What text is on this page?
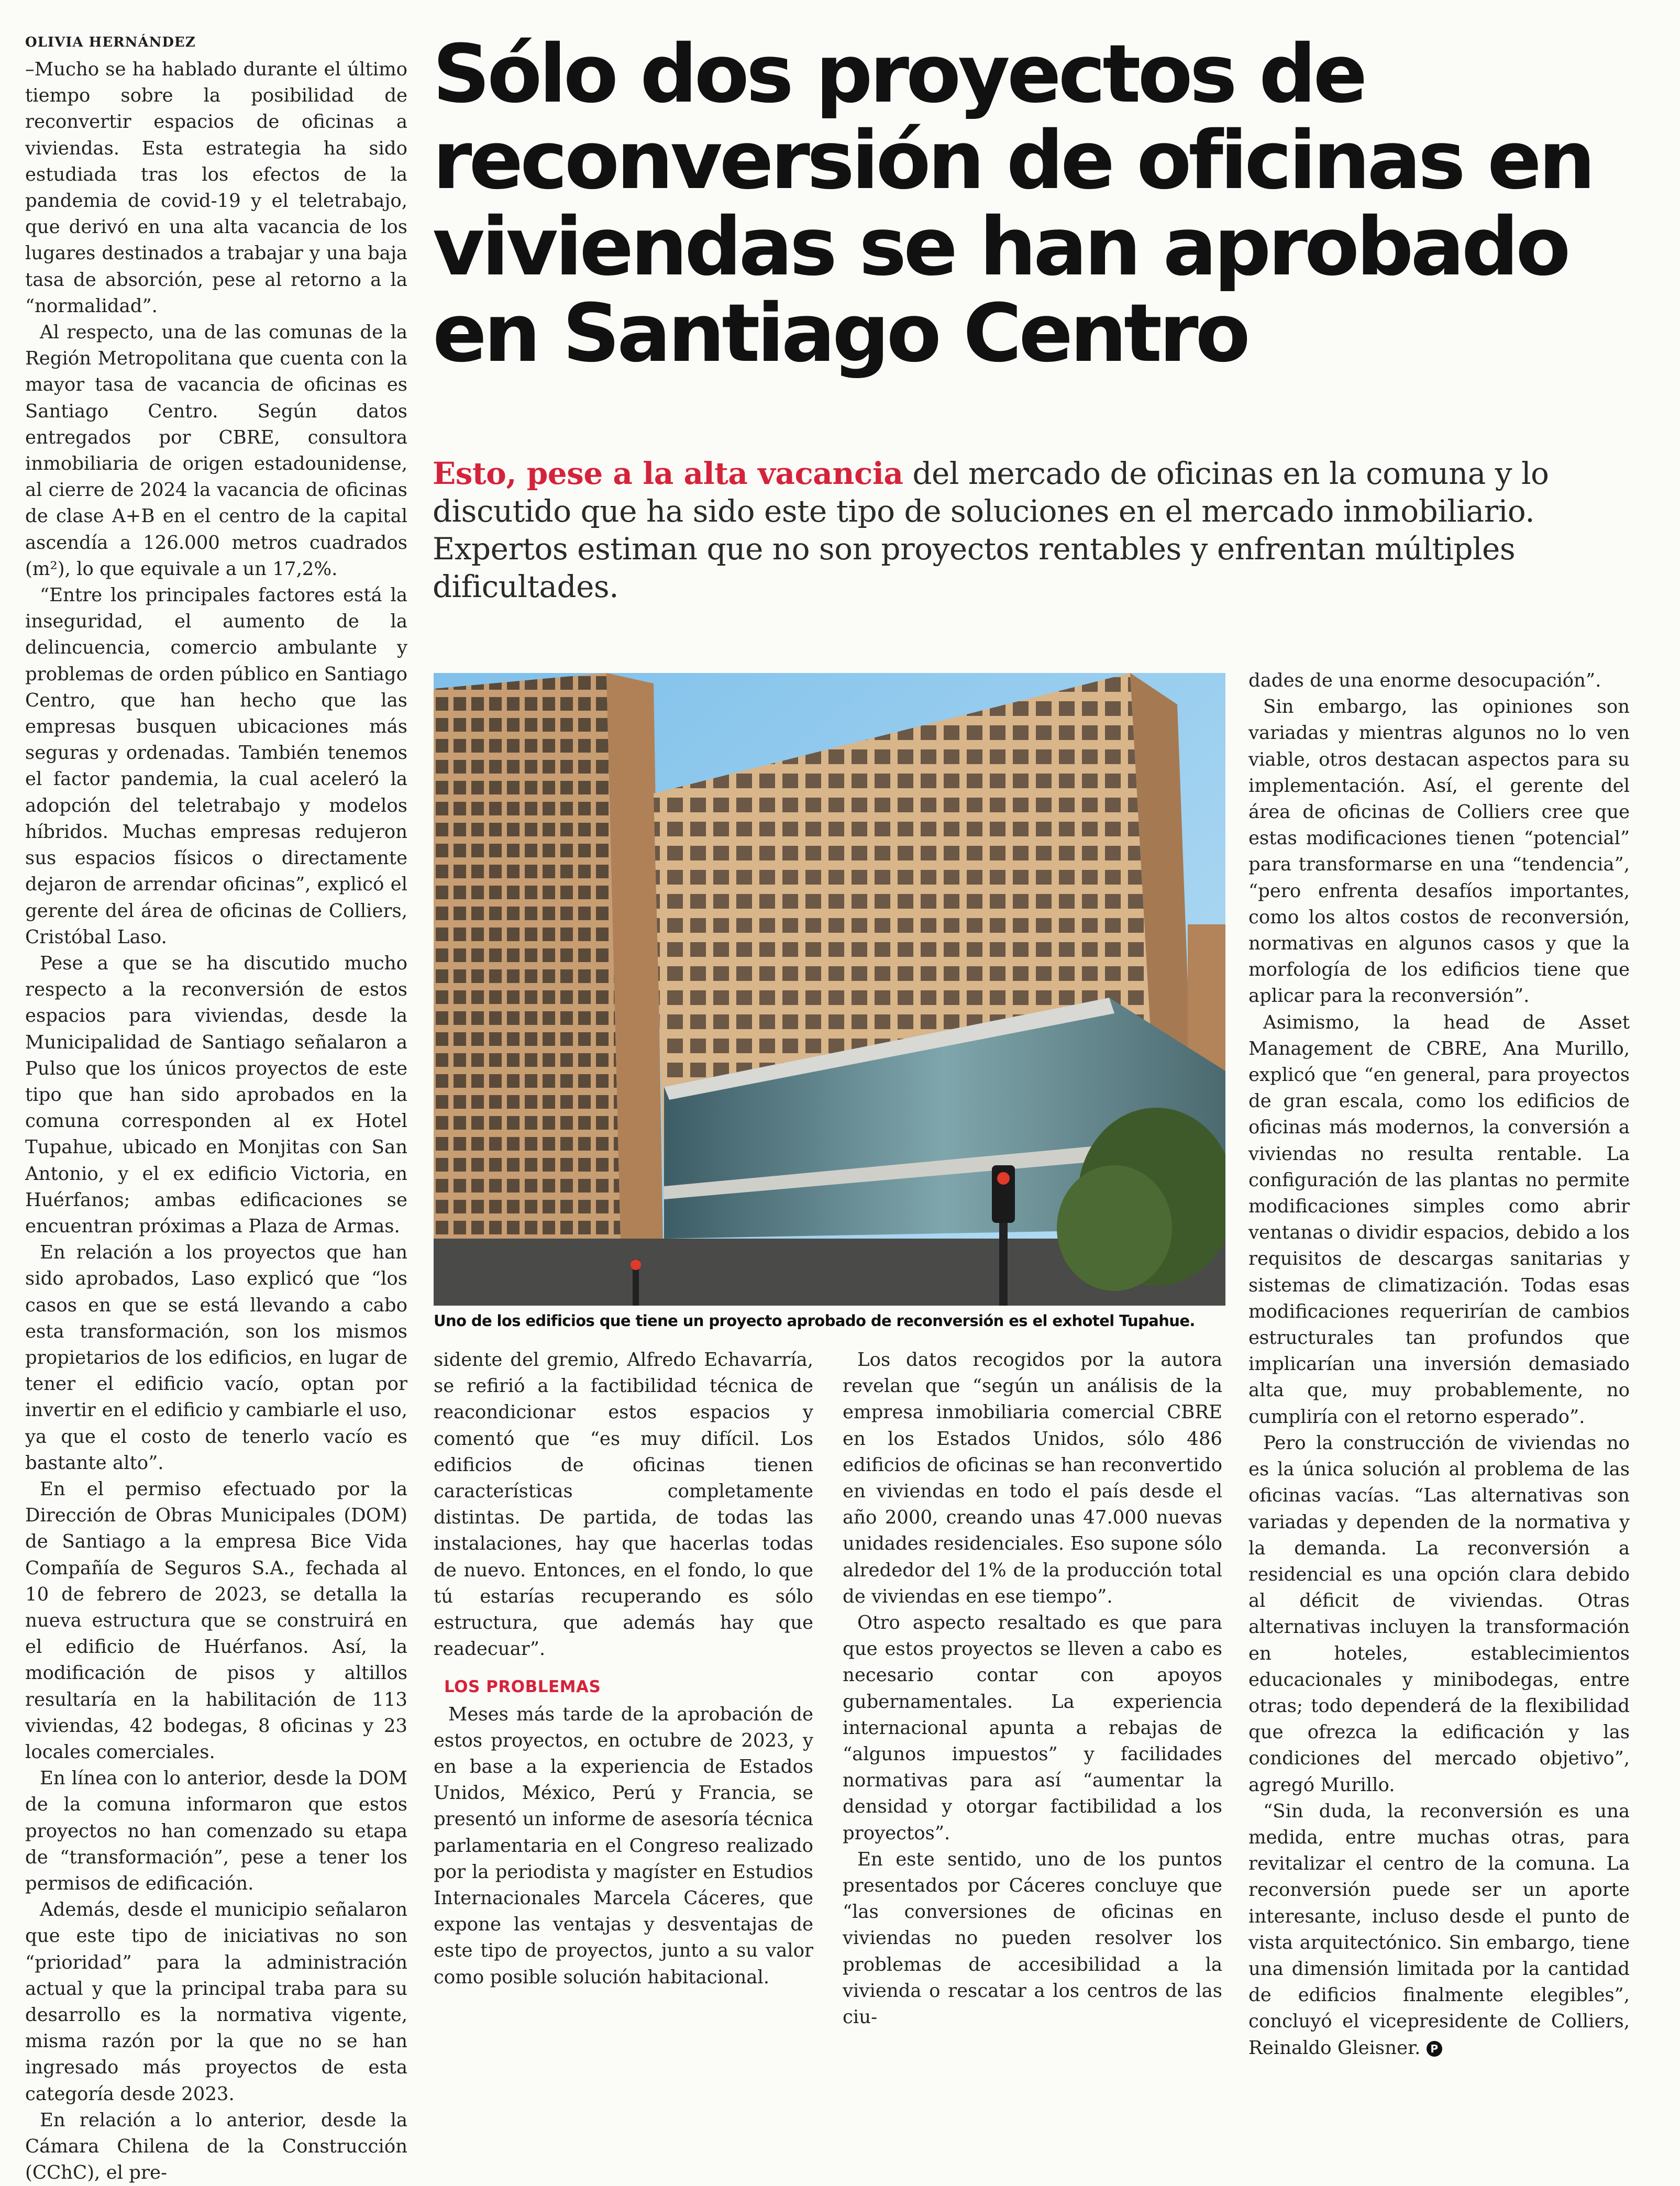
OLIVIA HERNÁNDEZ	Sólo dos proyectos de reconversión de oficinas en viviendas se han aprobado en Santiago Centro

Esto, pese a la alta vacancia del mercado de oficinas en la comuna y lo discutido que ha sido este tipo de soluciones en el mercado inmobiliario. Expertos estiman que no son proyectos rentables y enfrentan múltiples dificultades.

–Mucho se ha hablado durante el último tiempo sobre la posibilidad de reconvertir espacios de oficinas a viviendas. Esta estrategia ha sido estudiada tras los efectos de la pandemia de covid-19 y el teletrabajo, que derivó en una alta vacancia de los lugares destinados a trabajar y una baja tasa de absorción, pese al retorno a la “normalidad”.

Al respecto, una de las comunas de la Región Metropolitana que cuenta con la mayor tasa de vacancia de oficinas es Santiago Centro. Según datos entregados por CBRE, consultora inmobiliaria de origen estadounidense, al cierre de 2024 la vacancia de oficinas de clase A+B en el centro de la capital ascendía a 126.000 metros cuadrados (m²), lo que equivale a un 17,2%.

“Entre los principales factores está la inseguridad, el aumento de la delincuencia, comercio ambulante y problemas de orden público en Santiago Centro, que han hecho que las empresas busquen ubicaciones más seguras y ordenadas. También tenemos el factor pandemia, la cual aceleró la adopción del teletrabajo y modelos híbridos. Muchas empresas redujeron sus espacios físicos o directamente dejaron de arrendar oficinas”, explicó el gerente del área de oficinas de Colliers, Cristóbal Laso.

Pese a que se ha discutido mucho respecto a la reconversión de estos espacios para viviendas, desde la Municipalidad de Santiago señalaron a Pulso que los únicos proyectos de este tipo que han sido aprobados en la comuna corresponden al ex Hotel Tupahue, ubicado en Monjitas con San Antonio, y el ex edificio Victoria, en Huérfanos; ambas edificaciones se encuentran próximas a Plaza de Armas.

En relación a los proyectos que han sido aprobados, Laso explicó que “los casos en que se está llevando a cabo esta transformación, son los mismos propietarios de los edificios, en lugar de tener el edificio vacío, optan por invertir en el edificio y cambiarle el uso, ya que el costo de tenerlo vacío es bastante alto”.

En el permiso efectuado por la Dirección de Obras Municipales (DOM) de Santiago a la empresa Bice Vida Compañía de Seguros S.A., fechada al 10 de febrero de 2023, se detalla la nueva estructura que se construirá en el edificio de Huérfanos. Así, la modificación de pisos y altillos resultaría en la habilitación de 113 viviendas, 42 bodegas, 8 oficinas y 23 locales comerciales.

En línea con lo anterior, desde la DOM de la comuna informaron que estos proyectos no han comenzado su etapa de “transformación”, pese a tener los permisos de edificación.

Además, desde el municipio señalaron que este tipo de iniciativas no son “prioridad” para la administración actual y que la principal traba para su desarrollo es la normativa vigente, misma razón por la que no se han ingresado más proyectos de esta categoría desde 2023.

En relación a lo anterior, desde la Cámara Chilena de la Construcción (CChC), el pre-

Uno de los edificios que tiene un proyecto aprobado de reconversión es el exhotel Tupahue.

sidente del gremio, Alfredo Echavarría, se refirió a la factibilidad técnica de reacondicionar estos espacios y comentó que “es muy difícil. Los edificios de oficinas tienen características completamente distintas. De partida, de todas las instalaciones, hay que hacerlas todas de nuevo. Entonces, en el fondo, lo que tú estarías recuperando es sólo estructura, que además hay que readecuar”.

LOS PROBLEMAS

Meses más tarde de la aprobación de estos proyectos, en octubre de 2023, y en base a la experiencia de Estados Unidos, México, Perú y Francia, se presentó un informe de asesoría técnica parlamentaria en el Congreso realizado por la periodista y magíster en Estudios Internacionales Marcela Cáceres, que expone las ventajas y desventajas de este tipo de proyectos, junto a su valor como posible solución habitacional.

Los datos recogidos por la autora revelan que “según un análisis de la empresa inmobiliaria comercial CBRE en los Estados Unidos, sólo 486 edificios de oficinas se han reconvertido en viviendas en todo el país desde el año 2000, creando unas 47.000 nuevas unidades residenciales. Eso supone sólo alrededor del 1% de la producción total de viviendas en ese tiempo”.

Otro aspecto resaltado es que para que estos proyectos se lleven a cabo es necesario contar con apoyos gubernamentales. La experiencia internacional apunta a rebajas de “algunos impuestos” y facilidades normativas para así “aumentar la densidad y otorgar factibilidad a los proyectos”.

En este sentido, uno de los puntos presentados por Cáceres concluye que “las conversiones de oficinas en viviendas no pueden resolver los problemas de accesibilidad a la vivienda o rescatar a los centros de las ciu-

dades de una enorme desocupación”.

Sin embargo, las opiniones son variadas y mientras algunos no lo ven viable, otros destacan aspectos para su implementación. Así, el gerente del área de oficinas de Colliers cree que estas modificaciones tienen “potencial” para transformarse en una “tendencia”, “pero enfrenta desafíos importantes, como los altos costos de reconversión, normativas en algunos casos y que la morfología de los edificios tiene que aplicar para la reconversión”.

Asimismo, la head de Asset Management de CBRE, Ana Murillo, explicó que “en general, para proyectos de gran escala, como los edificios de oficinas más modernos, la conversión a viviendas no resulta rentable. La configuración de las plantas no permite modificaciones simples como abrir ventanas o dividir espacios, debido a los requisitos de descargas sanitarias y sistemas de climatización. Todas esas modificaciones requerirían de cambios estructurales tan profundos que implicarían una inversión demasiado alta que, muy probablemente, no cumpliría con el retorno esperado”.

Pero la construcción de viviendas no es la única solución al problema de las oficinas vacías. “Las alternativas son variadas y dependen de la normativa y la demanda. La reconversión a residencial es una opción clara debido al déficit de viviendas. Otras alternativas incluyen la transformación en hoteles, establecimientos educacionales y minibodegas, entre otras; todo dependerá de la flexibilidad que ofrezca la edificación y las condiciones del mercado objetivo”, agregó Murillo.

“Sin duda, la reconversión es una medida, entre muchas otras, para revitalizar el centro de la comuna. La reconversión puede ser un aporte interesante, incluso desde el punto de vista arquitectónico. Sin embargo, tiene una dimensión limitada por la cantidad de edificios finalmente elegibles”, concluyó el vicepresidente de Colliers, Reinaldo Gleisner. P
